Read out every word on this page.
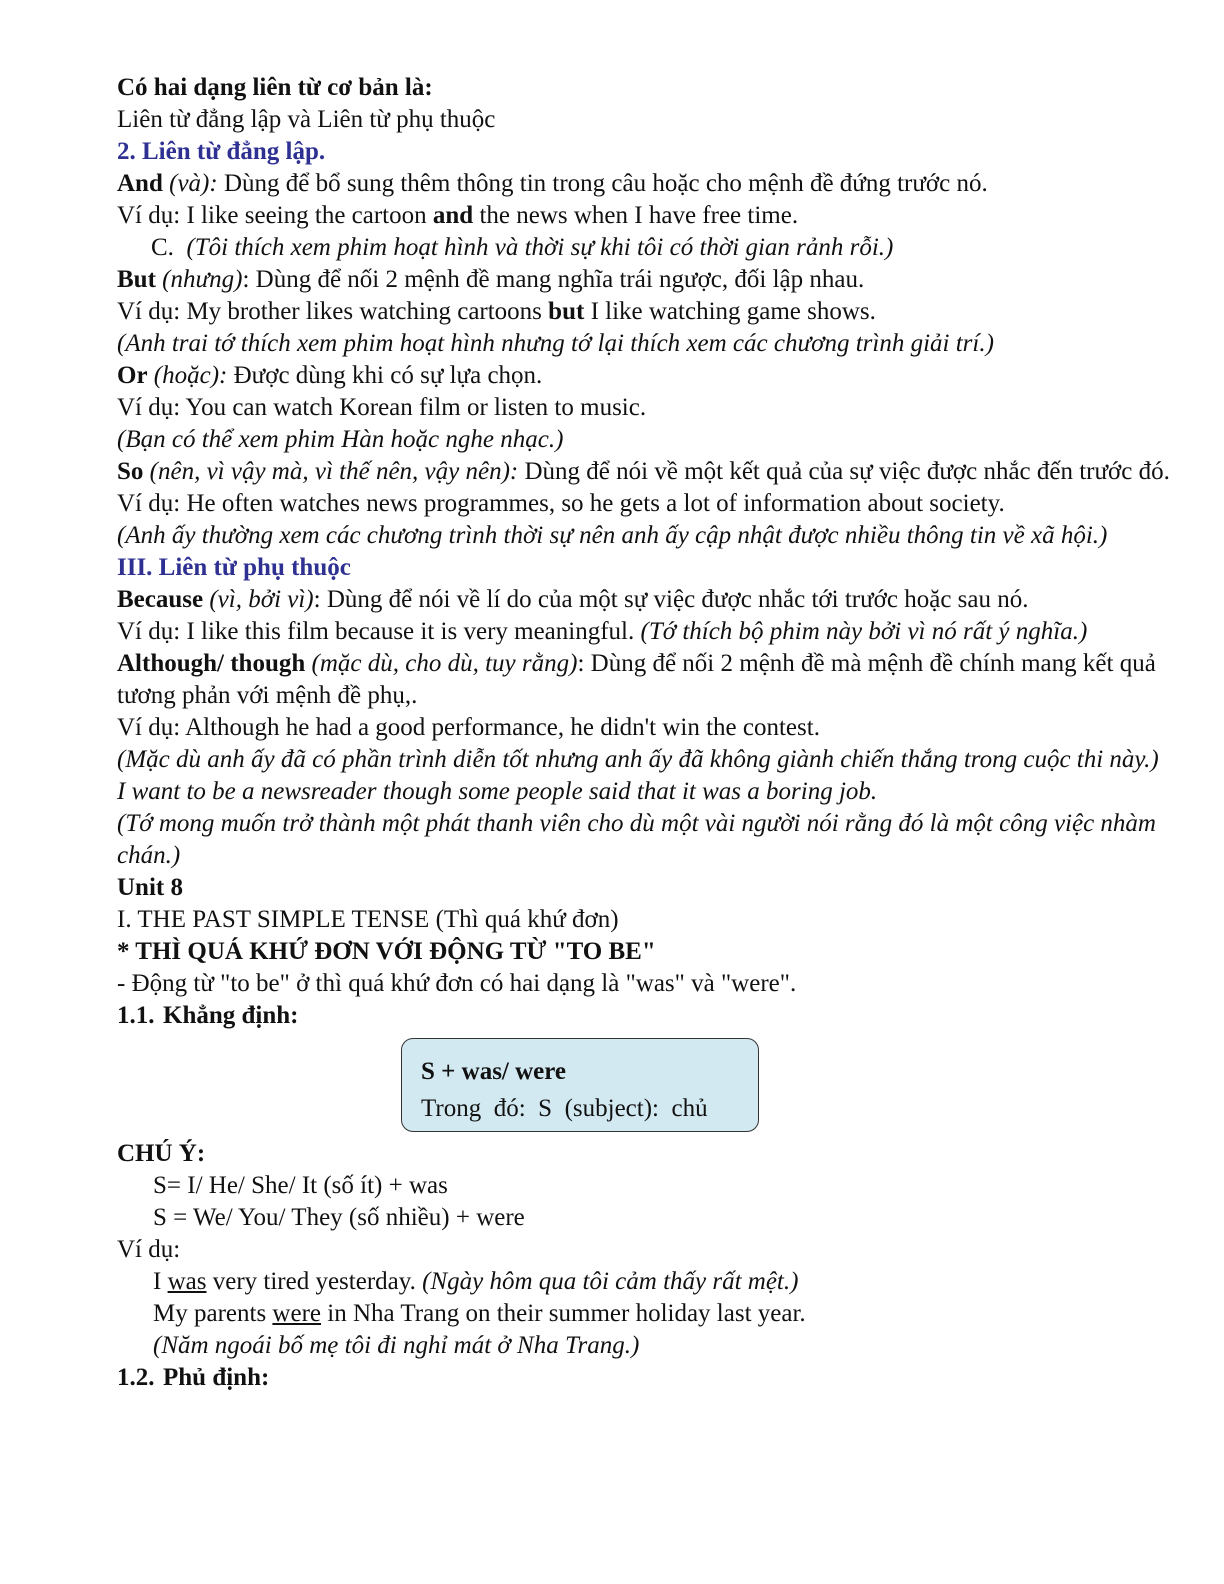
Có hai dạng liên từ cơ bản là:
Liên từ đẳng lập và Liên từ phụ thuộc
2. Liên từ đẳng lập.
And (và): Dùng để bổ sung thêm thông tin trong câu hoặc cho mệnh đề đứng trước nó.
Ví dụ: I like seeing the cartoon and the news when I have free time.
C. (Tôi thích xem phim hoạt hình và thời sự khi tôi có thời gian rảnh rỗi.)
But (nhưng): Dùng để nối 2 mệnh đề mang nghĩa trái ngược, đối lập nhau.
Ví dụ: My brother likes watching cartoons but I like watching game shows.
(Anh trai tớ thích xem phim hoạt hình nhưng tớ lại thích xem các chương trình giải trí.)
Or (hoặc): Được dùng khi có sự lựa chọn.
Ví dụ: You can watch Korean film or listen to music.
(Bạn có thể xem phim Hàn hoặc nghe nhạc.)
So (nên, vì vậy mà, vì thế nên, vậy nên): Dùng để nói về một kết quả của sự việc được nhắc đến trước đó.
Ví dụ: He often watches news programmes, so he gets a lot of information about society.
(Anh ấy thường xem các chương trình thời sự nên anh ấy cập nhật được nhiều thông tin về xã hội.)
III. Liên từ phụ thuộc
Because (vì, bởi vì): Dùng để nói về lí do của một sự việc được nhắc tới trước hoặc sau nó.
Ví dụ: I like this film because it is very meaningful. (Tớ thích bộ phim này bởi vì nó rất ý nghĩa.)
Although/ though (mặc dù, cho dù, tuy rằng): Dùng để nối 2 mệnh đề mà mệnh đề chính mang kết quả tương phản với mệnh đề phụ,.
Ví dụ: Although he had a good performance, he didn't win the contest.
(Mặc dù anh ấy đã có phần trình diễn tốt nhưng anh ấy đã không giành chiến thắng trong cuộc thi này.)
I want to be a newsreader though some people said that it was a boring job.
(Tớ mong muốn trở thành một phát thanh viên cho dù một vài người nói rằng đó là một công việc nhàm chán.)
Unit 8
I. THE PAST SIMPLE TENSE (Thì quá khứ đơn)
* THÌ QUÁ KHỨ ĐƠN VỚI ĐỘNG TỪ "TO BE"
- Động từ "to be" ở thì quá khứ đơn có hai dạng là "was" và "were".
1.1. Khẳng định:
S + was/ were
Trong  đó:  S  (subject):  chủ
CHÚ Ý:
S= I/ He/ She/ It (số ít) + was
S = We/ You/ They (số nhiều) + were
Ví dụ:
I was very tired yesterday. (Ngày hôm qua tôi cảm thấy rất mệt.)
My parents were in Nha Trang on their summer holiday last year.
(Năm ngoái bố mẹ tôi đi nghỉ mát ở Nha Trang.)
1.2. Phủ định:
